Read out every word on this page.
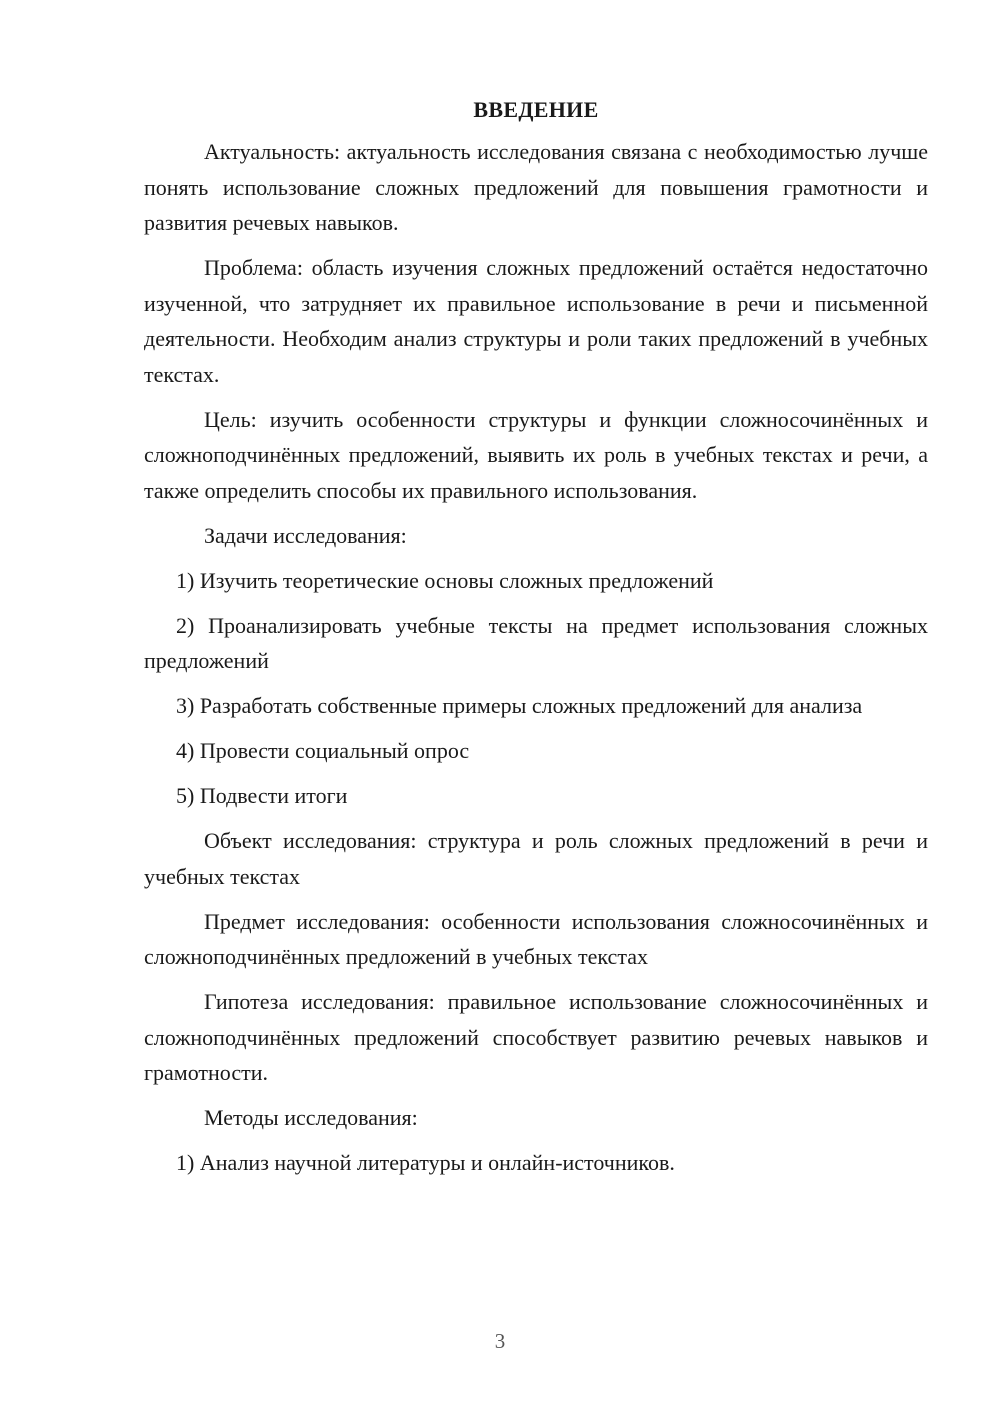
ВВЕДЕНИЕ

Актуальность: актуальность исследования связана с необходимостью лучше понять использование сложных предложений для повышения грамотности и развития речевых навыков.

Проблема: область изучения сложных предложений остаётся недостаточно изученной, что затрудняет их правильное использование в речи и письменной деятельности. Необходим анализ структуры и роли таких предложений в учебных текстах.

Цель: изучить особенности структуры и функции сложносочинённых и сложноподчинённых предложений, выявить их роль в учебных текстах и речи, а также определить способы их правильного использования.

Задачи исследования:

1) Изучить теоретические основы сложных предложений

2) Проанализировать учебные тексты на предмет использования сложных предложений

3) Разработать собственные примеры сложных предложений для анализа

4) Провести социальный опрос

5) Подвести итоги

Объект исследования: структура и роль сложных предложений в речи и учебных текстах

Предмет исследования: особенности использования сложносочинённых и сложноподчинённых предложений в учебных текстах

Гипотеза исследования: правильное использование сложносочинённых и сложноподчинённых предложений способствует развитию речевых навыков и грамотности.

Методы исследования:

1) Анализ научной литературы и онлайн-источников.

3
